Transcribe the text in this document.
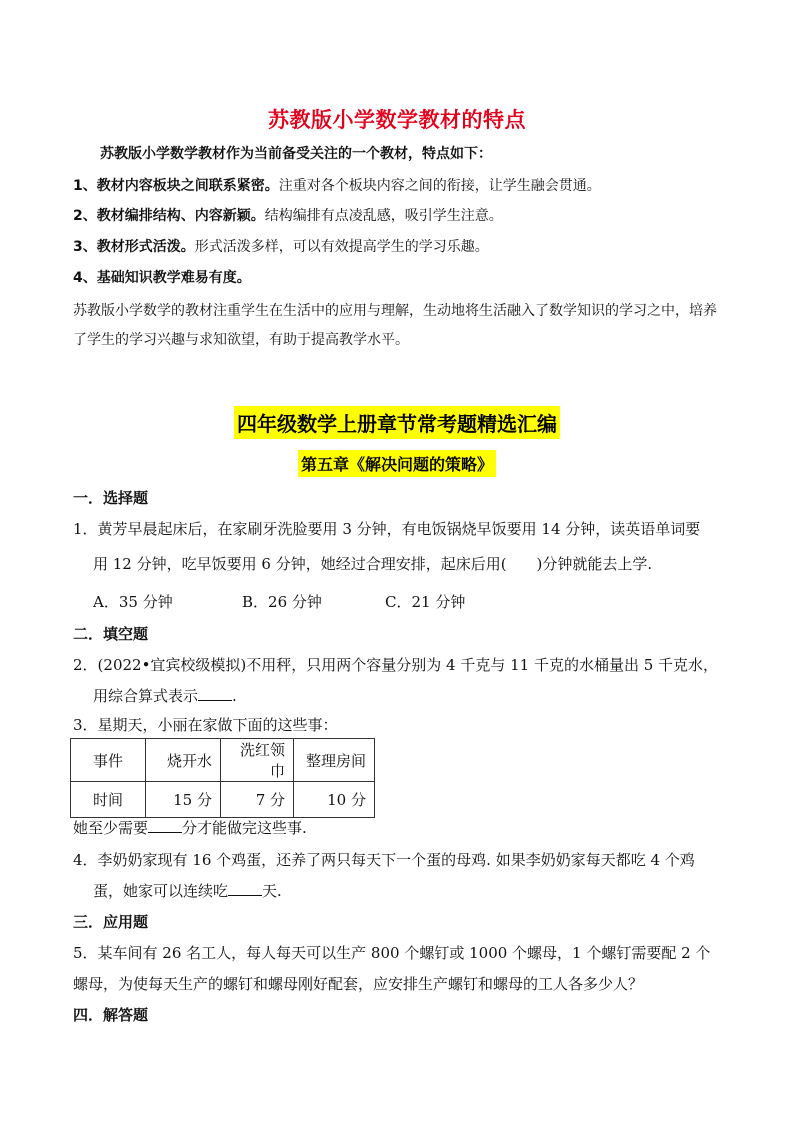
苏教版小学数学教材的特点
苏教版小学数学教材作为当前备受关注的一个教材，特点如下：
1、教材内容板块之间联系紧密。注重对各个板块内容之间的衔接，让学生融会贯通。
2、教材编排结构、内容新颖。结构编排有点凌乱感，吸引学生注意。
3、教材形式活泼。形式活泼多样，可以有效提高学生的学习乐趣。
4、基础知识教学难易有度。
苏教版小学数学的教材注重学生在生活中的应用与理解，生动地将生活融入了数学知识的学习之中，培养
了学生的学习兴趣与求知欲望，有助于提高教学水平。
四年级数学上册章节常考题精选汇编
第五章《解决问题的策略》
一．选择题
1．黄芳早晨起床后，在家刷牙洗脸要用 3 分钟，有电饭锅烧早饭要用 14 分钟，读英语单词要
用 12 分钟，吃早饭要用 6 分钟，她经过合理安排，起床后用(　　)分钟就能去上学.
A．35 分钟	B．26 分钟	C．21 分钟
二．填空题
2．(2022•宜宾校级模拟)不用秤，只用两个容量分别为 4 千克与 11 千克的水桶量出 5 千克水，
用综合算式表示 .
3．星期天，小丽在家做下面的这些事：
事件	烧开水	洗红领巾	整理房间
时间	15 分	7 分	10 分
她至少需要 分才能做完这些事.
4．李奶奶家现有 16 个鸡蛋，还养了两只每天下一个蛋的母鸡. 如果李奶奶家每天都吃 4 个鸡
蛋，她家可以连续吃 天.
三．应用题
5．某车间有 26 名工人，每人每天可以生产 800 个螺钉或 1000 个螺母，1 个螺钉需要配 2 个
螺母，为使每天生产的螺钉和螺母刚好配套，应安排生产螺钉和螺母的工人各多少人？
四．解答题
